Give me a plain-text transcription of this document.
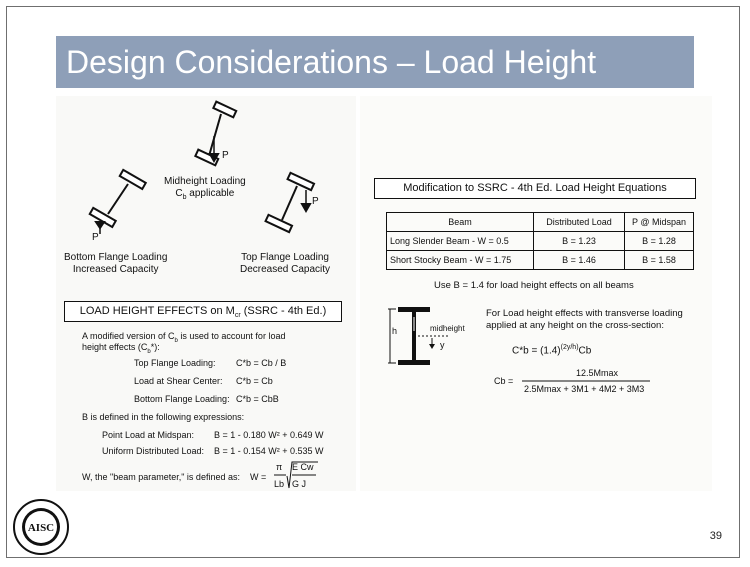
Design Considerations – Load Height
P
P
P
Midheight Loading
$C_b$ applicable
Bottom Flange Loading
Increased Capacity
Top Flange Loading
Decreased Capacity
LOAD HEIGHT EFFECTS on $M_{cr}$ (SSRC - 4th Ed.)
A modified version of $C_b$ is used to account for load
height effects $(C_b*)$:
Top Flange Loading: C*b = Cb / B
Load at Shear Center: C*b = Cb
Bottom Flange Loading: C*b = CbB
B is defined in the following expressions:
Point Load at Midspan: B = 1 - 0.180 W² + 0.649 W
Uniform Distributed Load: B = 1 - 0.154 W² + 0.535 W
W, the "beam parameter," is defined as: W =
π
Lb
E Cw
G J
Modification to SSRC - 4th Ed. Load Height Equations
Beam	Distributed Load	P @ Midspan
Long Slender Beam - W = 0.5	B = 1.23	B = 1.28
Short Stocky Beam - W = 1.75	B = 1.46	B = 1.58
Use B = 1.4 for load height effects on all beams
h	midheight
y
For Load height effects with transverse loading
applied at any height on the cross-section:
$C*b = (1.4)^{(2y/h)}Cb$
Cb =
12.5Mmax
2.5Mmax + 3M1 + 4M2 + 3M3
AISC
39
